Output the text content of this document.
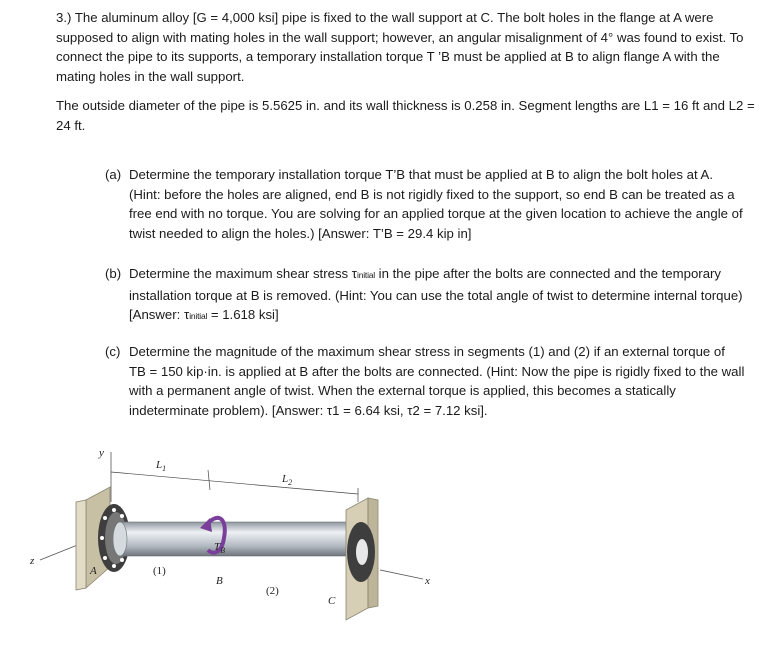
3.) The aluminum alloy [G = 4,000 ksi] pipe is fixed to the wall support at C. The bolt holes in the flange at A were supposed to align with mating holes in the wall support; however, an angular misalignment of 4° was found to exist. To connect the pipe to its supports, a temporary installation torque T ’B must be applied at B to align flange A with the mating holes in the wall support.

The outside diameter of the pipe is 5.5625 in. and its wall thickness is 0.258 in. Segment lengths are L1 = 16 ft and L2 = 24 ft.

(a) Determine the temporary installation torque T’B that must be applied at B to align the bolt holes at A. (Hint: before the holes are aligned, end B is not rigidly fixed to the support, so end B can be treated as a free end with no torque. You are solving for an applied torque at the given location to achieve the angle of twist needed to align the holes.) [Answer: T’B = 29.4 kip in]
(b) Determine the maximum shear stress τinitial in the pipe after the bolts are connected and the temporary installation torque at B is removed. (Hint: You can use the total angle of twist to determine internal torque) [Answer: τinitial = 1.618 ksi]
(c) Determine the magnitude of the maximum shear stress in segments (1) and (2) if an external torque of TB = 150 kip·in. is applied at B after the bolts are connected. (Hint: Now the pipe is rigidly fixed to the wall with a permanent angle of twist. When the external torque is applied, this becomes a statically indeterminate problem). [Answer: τ1 = 6.64 ksi, τ2 = 7.12 ksi].
y
z
x
$L_1$
$L_2$
$T_B$
A	(1)
B
(2)
C
